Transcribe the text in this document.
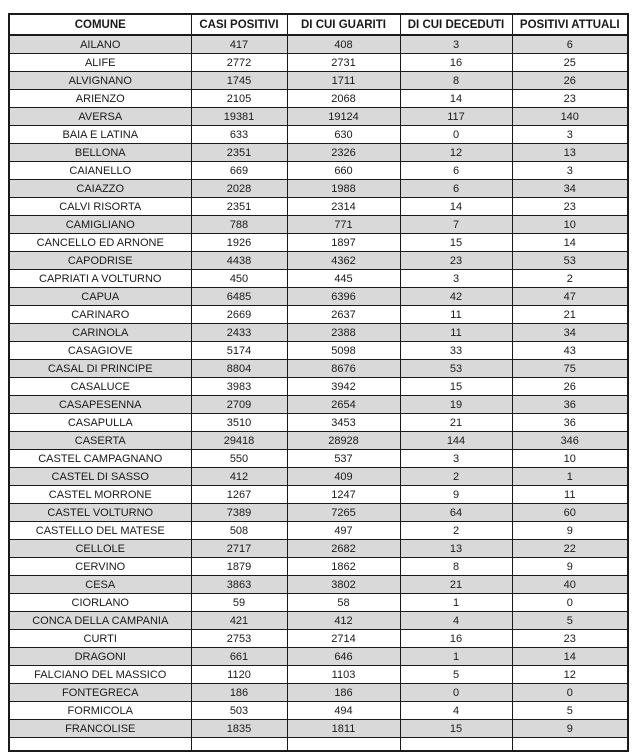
COMUNE	CASI POSITIVI	DI CUI GUARITI	DI CUI DECEDUTI	POSITIVI ATTUALI
AILANO	417	408	3	6
ALIFE	2772	2731	16	25
ALVIGNANO	1745	1711	8	26
ARIENZO	2105	2068	14	23
AVERSA	19381	19124	117	140
BAIA E LATINA	633	630	0	3
BELLONA	2351	2326	12	13
CAIANELLO	669	660	6	3
CAIAZZO	2028	1988	6	34
CALVI RISORTA	2351	2314	14	23
CAMIGLIANO	788	771	7	10
CANCELLO ED ARNONE	1926	1897	15	14
CAPODRISE	4438	4362	23	53
CAPRIATI A VOLTURNO	450	445	3	2
CAPUA	6485	6396	42	47
CARINARO	2669	2637	11	21
CARINOLA	2433	2388	11	34
CASAGIOVE	5174	5098	33	43
CASAL DI PRINCIPE	8804	8676	53	75
CASALUCE	3983	3942	15	26
CASAPESENNA	2709	2654	19	36
CASAPULLA	3510	3453	21	36
CASERTA	29418	28928	144	346
CASTEL CAMPAGNANO	550	537	3	10
CASTEL DI SASSO	412	409	2	1
CASTEL MORRONE	1267	1247	9	11
CASTEL VOLTURNO	7389	7265	64	60
CASTELLO DEL MATESE	508	497	2	9
CELLOLE	2717	2682	13	22
CERVINO	1879	1862	8	9
CESA	3863	3802	21	40
CIORLANO	59	58	1	0
CONCA DELLA CAMPANIA	421	412	4	5
CURTI	2753	2714	16	23
DRAGONI	661	646	1	14
FALCIANO DEL MASSICO	1120	1103	5	12
FONTEGRECA	186	186	0	0
FORMICOLA	503	494	4	5
FRANCOLISE	1835	1811	15	9
